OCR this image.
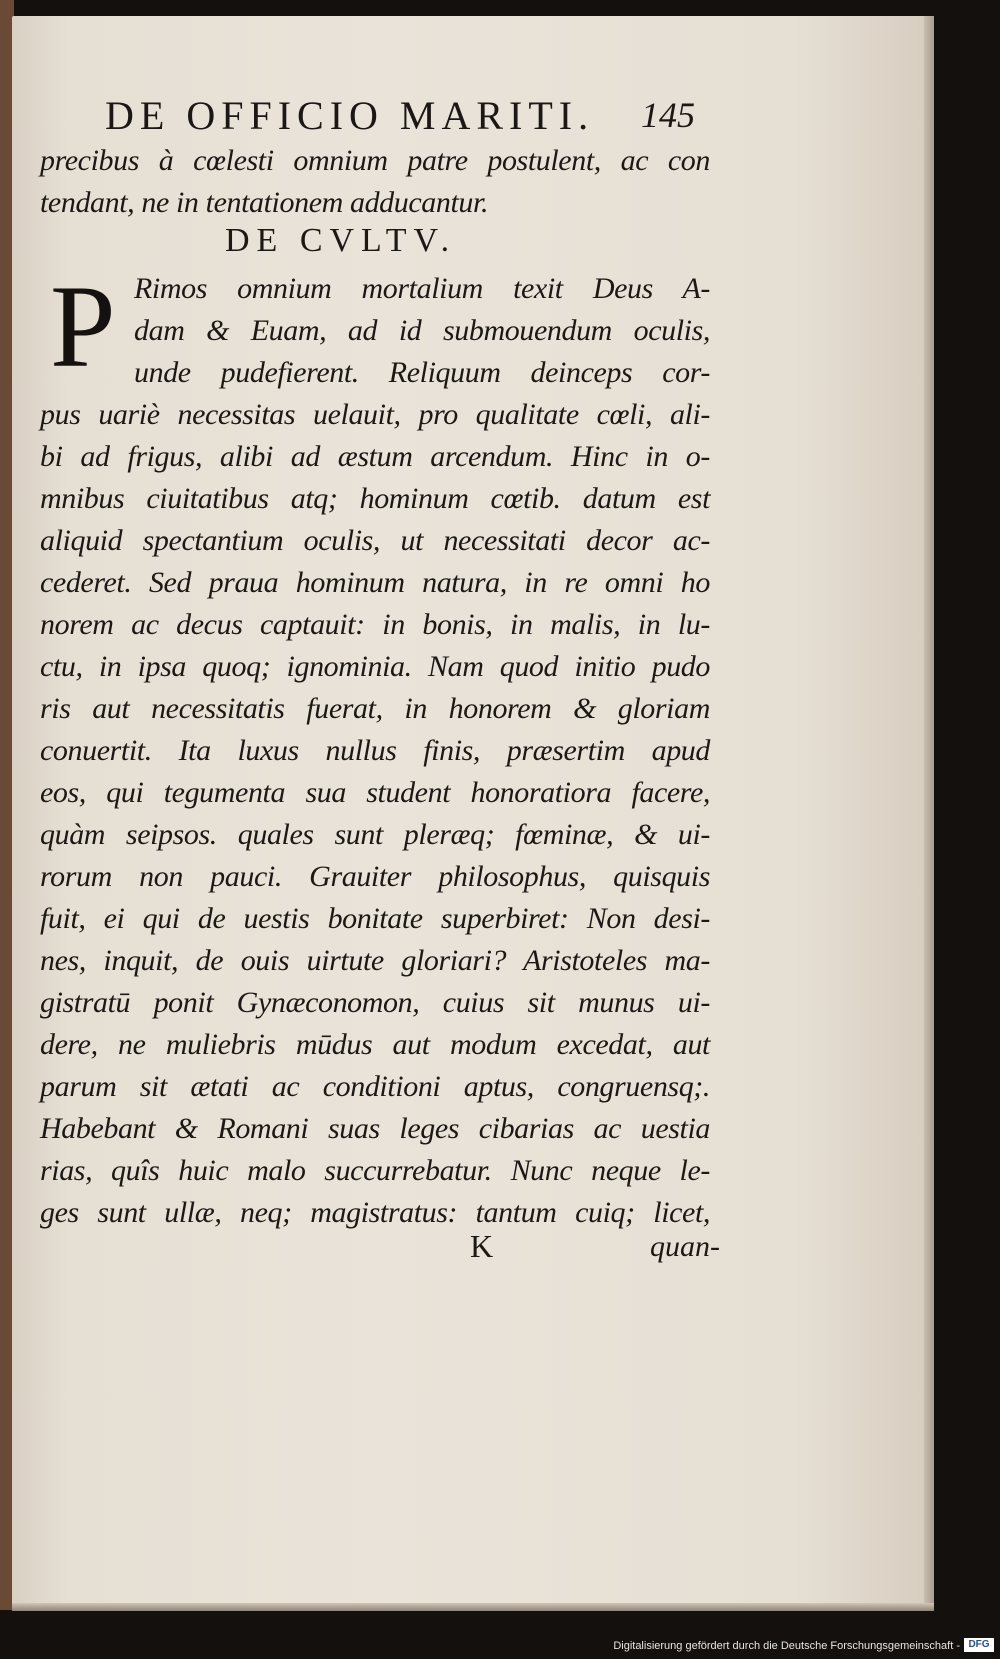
DE OFFICIO MARITI. 145
precibus à cœlesti omnium patre postulent, ac con
tendant, ne in tentationem adducantur.
Rimos omnium mortalium texit Deus A-
dam & Euam, ad id submouendum oculis,
unde pudefierent. Reliquum deinceps cor-
pus uariè necessitas uelauit, pro qualitate cœli, ali-
bi ad frigus, alibi ad æstum arcendum. Hinc in o-
mnibus ciuitatibus atq; hominum cœtib. datum est
aliquid spectantium oculis, ut necessitati decor ac-
cederet. Sed praua hominum natura, in re omni ho
norem ac decus captauit: in bonis, in malis, in lu-
ctu, in ipsa quoq; ignominia. Nam quod initio pudo
ris aut necessitatis fuerat, in honorem & gloriam
conuertit. Ita luxus nullus finis, præsertim apud
eos, qui tegumenta sua student honoratiora facere,
quàm seipsos. quales sunt pleræq; fœminæ, & ui-
rorum non pauci. Grauiter philosophus, quisquis
fuit, ei qui de uestis bonitate superbiret: Non desi-
nes, inquit, de ouis uirtute gloriari? Aristoteles ma-
gistratū ponit Gynæconomon, cuius sit munus ui-
dere, ne muliebris mūdus aut modum excedat, aut
parum sit ætati ac conditioni aptus, congruensq;.
Habebant & Romani suas leges cibarias ac uestia
rias, quîs huic malo succurrebatur. Nunc neque le-
ges sunt ullæ, neq; magistratus: tantum cuiq; licet,
DE CVLTV.
P
K	quan-
Digitalisierung gefördert durch die Deutsche Forschungsgemeinschaft - DFG
